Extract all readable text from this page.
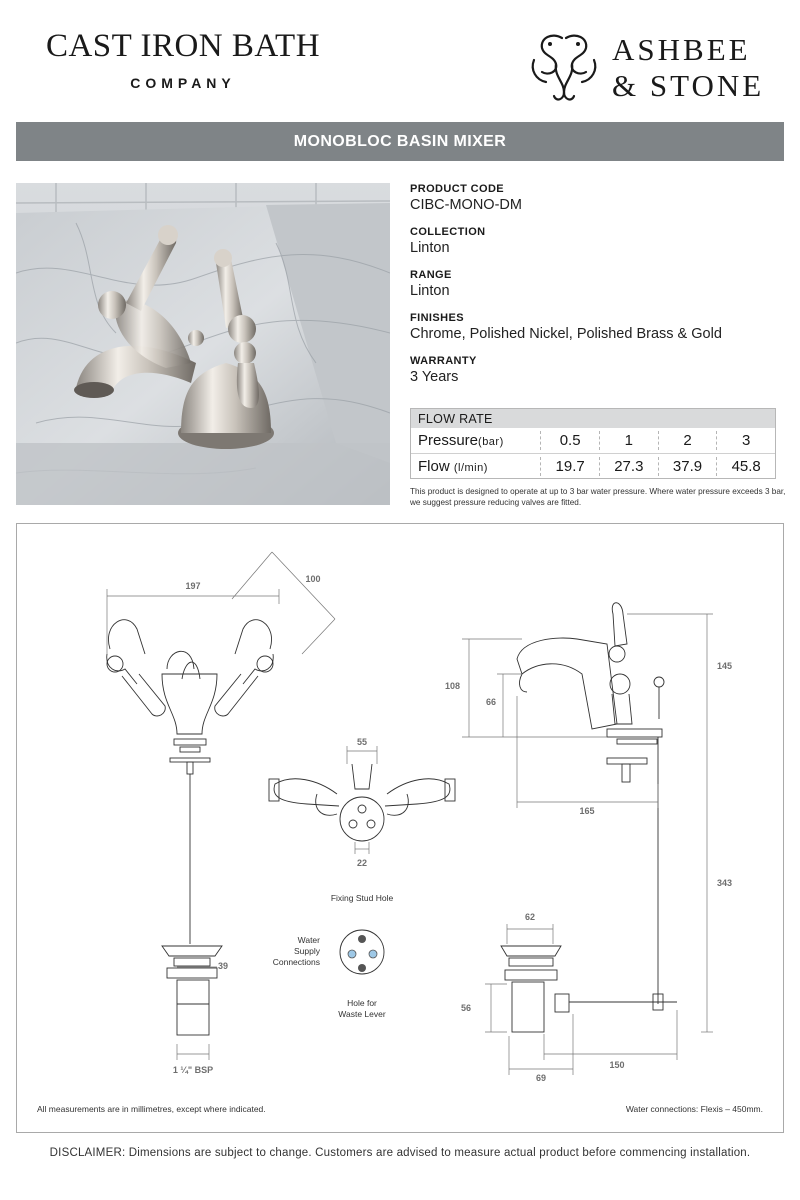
CAST IRON BATH
COMPANY
ASHBEE
& STONE
MONOBLOC BASIN MIXER
PRODUCT CODE
CIBC-MONO-DM
COLLECTION
Linton
RANGE
Linton
FINISHES
Chrome, Polished Nickel, Polished Brass & Gold
WARRANTY
3 Years
FLOW RATE
Pressure(bar)	0.5	1	2	3
Flow (l/min)	19.7	27.3	37.9	45.8
This product is designed to operate at up to 3 bar water pressure. Where water pressure exceeds 3 bar, we suggest pressure reducing valves are fitted.
197
100
55
22
108
66
145
165
343
62
39
56
150
69
1 ¼" BSP
Fixing Stud Hole
Water
Supply
Connections
Hole for
Waste Lever
All measurements are in millimetres, except where indicated.	Water connections: Flexis – 450mm.
DISCLAIMER: Dimensions are subject to change. Customers are advised to measure actual product before commencing installation.
